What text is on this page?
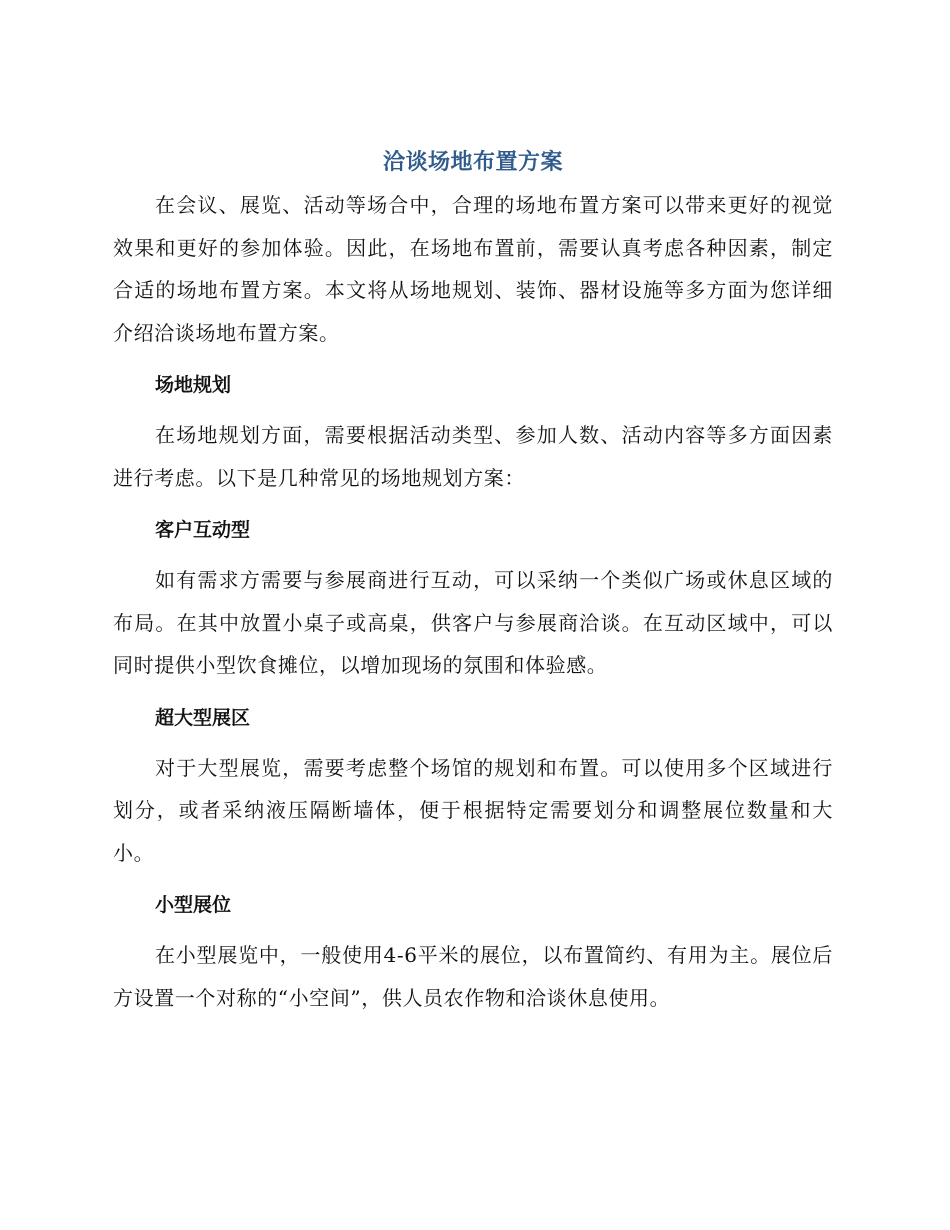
洽谈场地布置方案

在会议、展览、活动等场合中，合理的场地布置方案可以带来更好的视觉效果和更好的参加体验。因此，在场地布置前，需要认真考虑各种因素，制定合适的场地布置方案。本文将从场地规划、装饰、器材设施等多方面为您详细介绍洽谈场地布置方案。

场地规划

在场地规划方面，需要根据活动类型、参加人数、活动内容等多方面因素进行考虑。以下是几种常见的场地规划方案：

客户互动型

如有需求方需要与参展商进行互动，可以采纳一个类似广场或休息区域的布局。在其中放置小桌子或高桌，供客户与参展商洽谈。在互动区域中，可以同时提供小型饮食摊位，以增加现场的氛围和体验感。

超大型展区

对于大型展览，需要考虑整个场馆的规划和布置。可以使用多个区域进行划分，或者采纳液压隔断墙体，便于根据特定需要划分和调整展位数量和大小。

小型展位

在小型展览中，一般使用4-6平米的展位，以布置简约、有用为主。展位后方设置一个对称的“小空间”，供人员农作物和洽谈休息使用。
